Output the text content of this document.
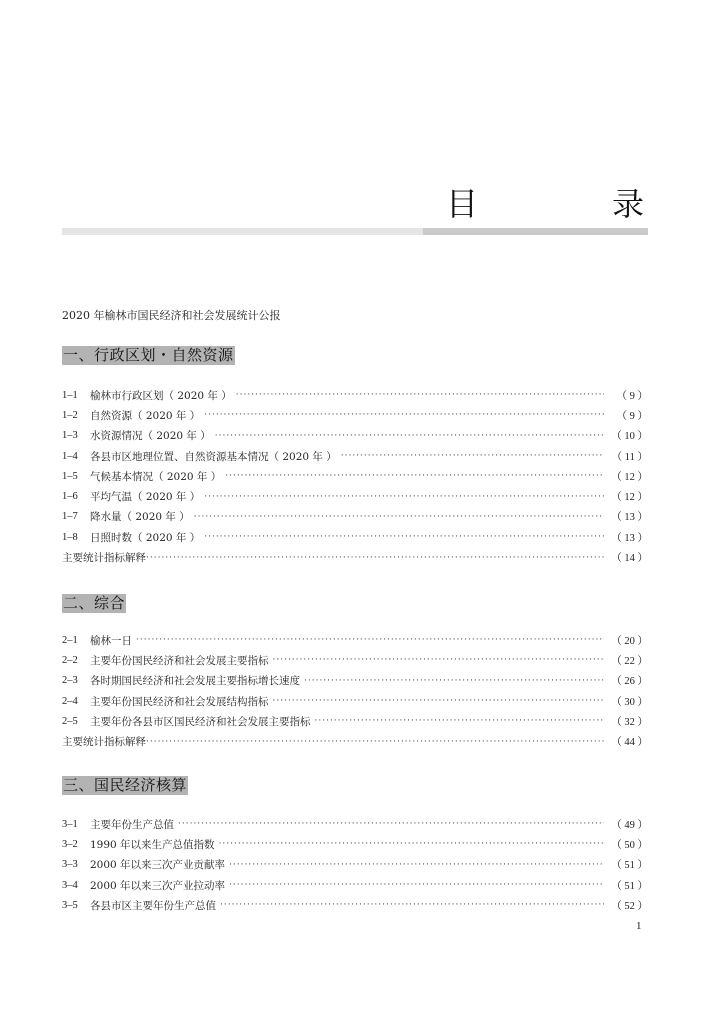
目	录
2020 年榆林市国民经济和社会发展统计公报
一、行政区划・自然资源
1–1	榆林市行政区划（ 2020 年 ） ·····	（ 9 ）
1–2	自然资源（ 2020 年 ） ·····	（ 9 ）
1–3	水资源情况（ 2020 年 ） ·····	（ 10 ）
1–4	各县市区地理位置、自然资源基本情况（ 2020 年 ） ·····	（ 11 ）
1–5	气候基本情况（ 2020 年 ） ·····	（ 12 ）
1–6	平均气温（ 2020 年 ） ·····	（ 12 ）
1–7	降水量（ 2020 年 ） ·····	（ 13 ）
1–8	日照时数（ 2020 年 ） ·····	（ 13 ）
主要统计指标解释 ·····	（ 14 ）
二、综合
2–1	榆林一日 ·····	（ 20 ）
2–2	主要年份国民经济和社会发展主要指标 ·····	（ 22 ）
2–3	各时期国民经济和社会发展主要指标增长速度 ·····	（ 26 ）
2–4	主要年份国民经济和社会发展结构指标 ·····	（ 30 ）
2–5	主要年份各县市区国民经济和社会发展主要指标 ·····	（ 32 ）
主要统计指标解释 ·····	（ 44 ）
三、国民经济核算
3–1	主要年份生产总值 ·····	（ 49 ）
3–2	1990 年以来生产总值指数 ·····	（ 50 ）
3–3	2000 年以来三次产业贡献率 ·····	（ 51 ）
3–4	2000 年以来三次产业拉动率 ·····	（ 51 ）
3–5	各县市区主要年份生产总值 ·····	（ 52 ）
1
